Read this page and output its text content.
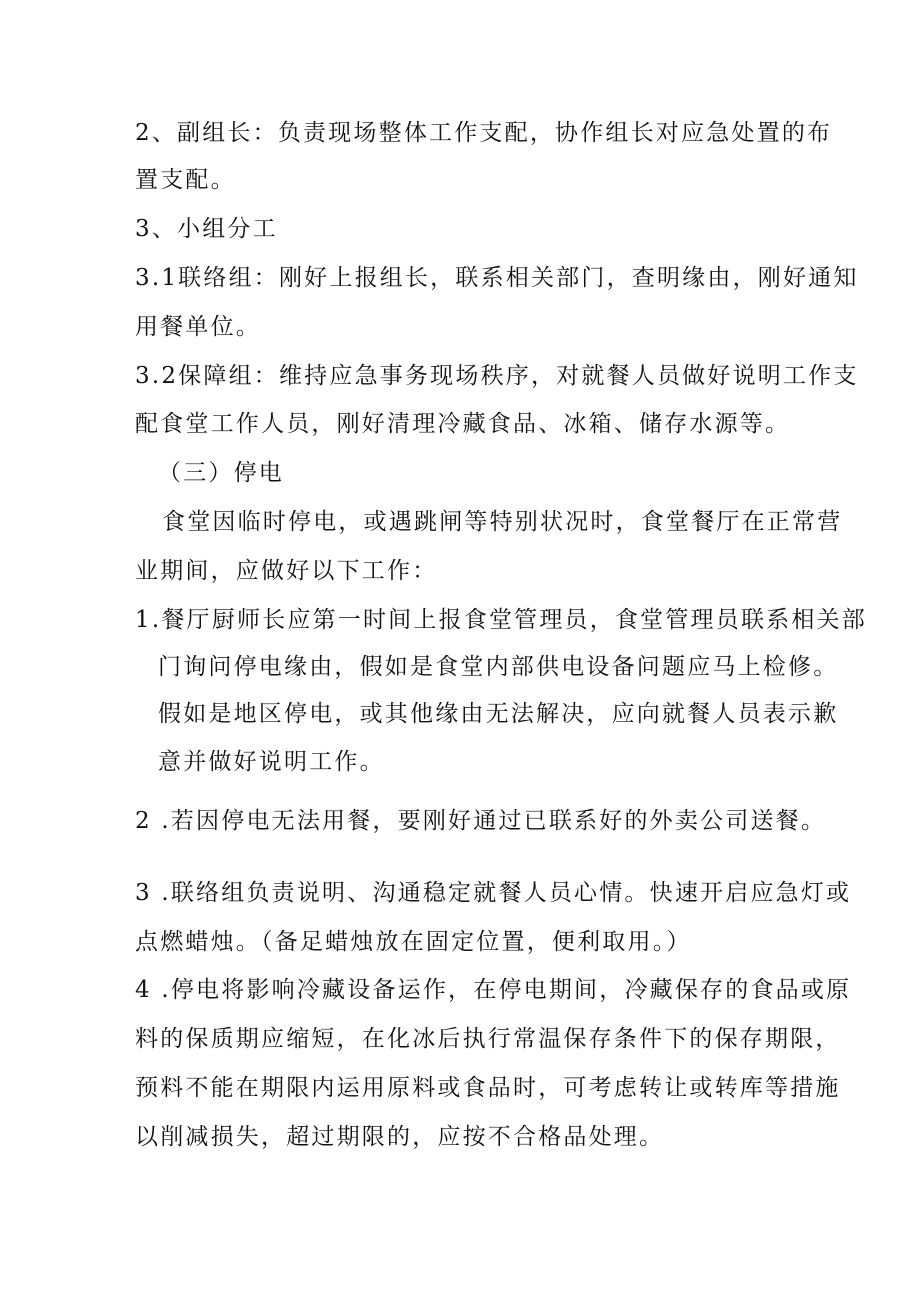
2、副组长：负责现场整体工作支配，协作组长对应急处置的布
置支配。
3、小组分工
3.1联络组：刚好上报组长，联系相关部门，查明缘由，刚好通知
用餐单位。
3.2保障组：维持应急事务现场秩序，对就餐人员做好说明工作支
配食堂工作人员，刚好清理冷藏食品、冰箱、储存水源等。
（三）停电
食堂因临时停电，或遇跳闸等特别状况时，食堂餐厅在正常营
业期间，应做好以下工作：
1.餐厅厨师长应第一时间上报食堂管理员，食堂管理员联系相关部
门询问停电缘由，假如是食堂内部供电设备问题应马上检修。
假如是地区停电，或其他缘由无法解决，应向就餐人员表示歉
意并做好说明工作。
2 .若因停电无法用餐，要刚好通过已联系好的外卖公司送餐。
3 .联络组负责说明、沟通稳定就餐人员心情。快速开启应急灯或
点燃蜡烛。（备足蜡烛放在固定位置，便利取用。）
4 .停电将影响冷藏设备运作，在停电期间，冷藏保存的食品或原
料的保质期应缩短，在化冰后执行常温保存条件下的保存期限，
预料不能在期限内运用原料或食品时，可考虑转让或转库等措施
以削减损失，超过期限的，应按不合格品处理。
